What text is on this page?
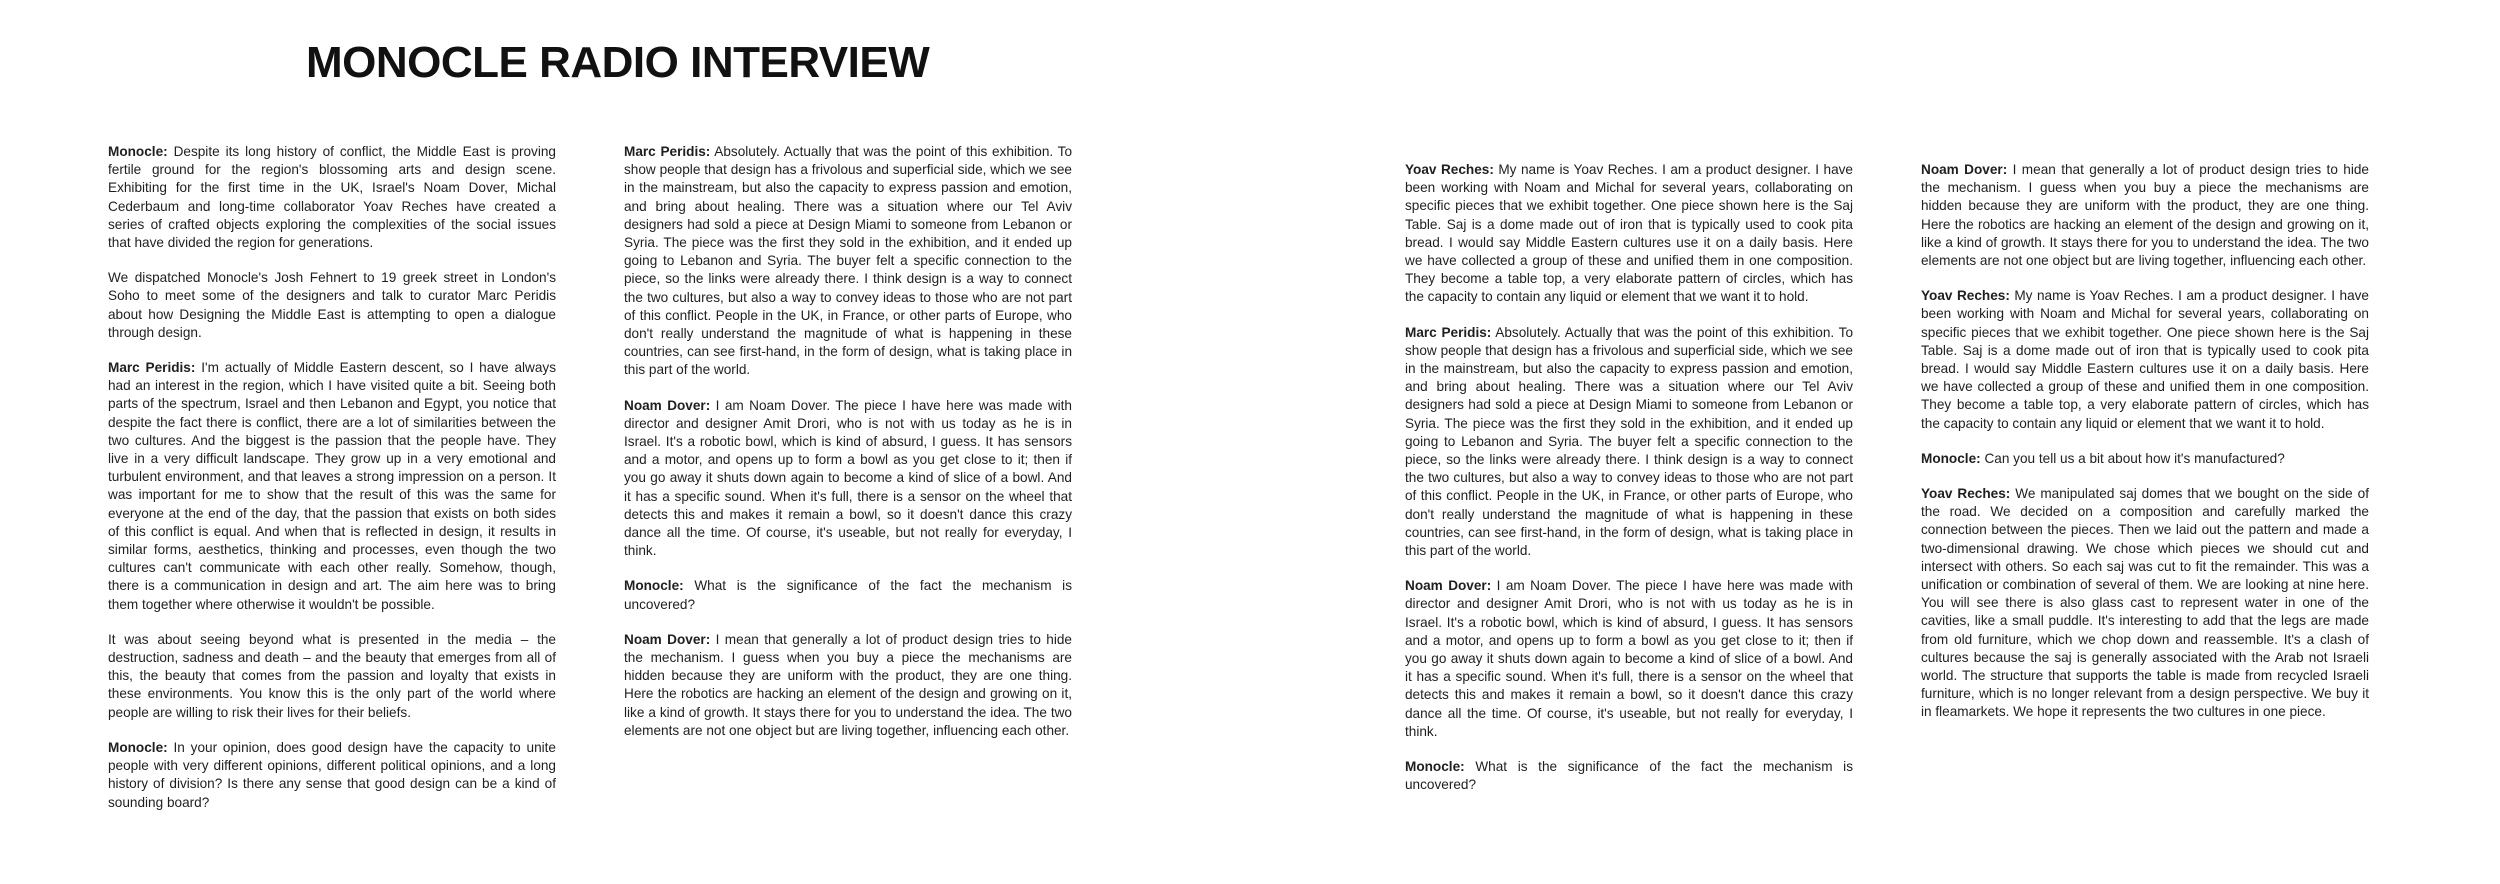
MONOCLE RADIO INTERVIEW

Monocle: Despite its long history of conflict, the Middle East is proving fertile ground for the region's blossoming arts and design scene. Exhibiting for the first time in the UK, Israel's Noam Dover, Michal Cederbaum and long-time collaborator Yoav Reches have created a series of crafted objects exploring the complexities of the social issues that have divided the region for generations.

We dispatched Monocle's Josh Fehnert to 19 greek street in London's Soho to meet some of the designers and talk to curator Marc Peridis about how Designing the Middle East is attempting to open a dialogue through design.

Marc Peridis: I'm actually of Middle Eastern descent, so I have always had an interest in the region, which I have visited quite a bit. Seeing both parts of the spectrum, Israel and then Lebanon and Egypt, you notice that despite the fact there is conflict, there are a lot of similarities between the two cultures. And the biggest is the passion that the people have. They live in a very difficult landscape. They grow up in a very emotional and turbulent environment, and that leaves a strong impression on a person. It was important for me to show that the result of this was the same for everyone at the end of the day, that the passion that exists on both sides of this conflict is equal. And when that is reflected in design, it results in similar forms, aesthetics, thinking and processes, even though the two cultures can't communicate with each other really. Somehow, though, there is a communication in design and art. The aim here was to bring them together where otherwise it wouldn't be possible.

It was about seeing beyond what is presented in the media – the destruction, sadness and death – and the beauty that emerges from all of this, the beauty that comes from the passion and loyalty that exists in these environments. You know this is the only part of the world where people are willing to risk their lives for their beliefs.

Monocle: In your opinion, does good design have the capacity to unite people with very different opinions, different political opinions, and a long history of division? Is there any sense that good design can be a kind of sounding board?

Marc Peridis: Absolutely. Actually that was the point of this exhibition. To show people that design has a frivolous and superficial side, which we see in the mainstream, but also the capacity to express passion and emotion, and bring about healing. There was a situation where our Tel Aviv designers had sold a piece at Design Miami to someone from Lebanon or Syria. The piece was the first they sold in the exhibition, and it ended up going to Lebanon and Syria. The buyer felt a specific connection to the piece, so the links were already there. I think design is a way to connect the two cultures, but also a way to convey ideas to those who are not part of this conflict. People in the UK, in France, or other parts of Europe, who don't really understand the magnitude of what is happening in these countries, can see first-hand, in the form of design, what is taking place in this part of the world.

Noam Dover: I am Noam Dover. The piece I have here was made with director and designer Amit Drori, who is not with us today as he is in Israel. It's a robotic bowl, which is kind of absurd, I guess. It has sensors and a motor, and opens up to form a bowl as you get close to it; then if you go away it shuts down again to become a kind of slice of a bowl. And it has a specific sound. When it's full, there is a sensor on the wheel that detects this and makes it remain a bowl, so it doesn't dance this crazy dance all the time. Of course, it's useable, but not really for everyday, I think.

Monocle: What is the significance of the fact the mechanism is uncovered?

Noam Dover: I mean that generally a lot of product design tries to hide the mechanism. I guess when you buy a piece the mechanisms are hidden because they are uniform with the product, they are one thing. Here the robotics are hacking an element of the design and growing on it, like a kind of growth. It stays there for you to understand the idea. The two elements are not one object but are living together, influencing each other.

Yoav Reches: My name is Yoav Reches. I am a product designer. I have been working with Noam and Michal for several years, collaborating on specific pieces that we exhibit together. One piece shown here is the Saj Table. Saj is a dome made out of iron that is typically used to cook pita bread. I would say Middle Eastern cultures use it on a daily basis. Here we have collected a group of these and unified them in one composition. They become a table top, a very elaborate pattern of circles, which has the capacity to contain any liquid or element that we want it to hold.

Marc Peridis: Absolutely. Actually that was the point of this exhibition. To show people that design has a frivolous and superficial side, which we see in the mainstream, but also the capacity to express passion and emotion, and bring about healing. There was a situation where our Tel Aviv designers had sold a piece at Design Miami to someone from Lebanon or Syria. The piece was the first they sold in the exhibition, and it ended up going to Lebanon and Syria. The buyer felt a specific connection to the piece, so the links were already there. I think design is a way to connect the two cultures, but also a way to convey ideas to those who are not part of this conflict. People in the UK, in France, or other parts of Europe, who don't really understand the magnitude of what is happening in these countries, can see first-hand, in the form of design, what is taking place in this part of the world.

Noam Dover: I am Noam Dover. The piece I have here was made with director and designer Amit Drori, who is not with us today as he is in Israel. It's a robotic bowl, which is kind of absurd, I guess. It has sensors and a motor, and opens up to form a bowl as you get close to it; then if you go away it shuts down again to become a kind of slice of a bowl. And it has a specific sound. When it's full, there is a sensor on the wheel that detects this and makes it remain a bowl, so it doesn't dance this crazy dance all the time. Of course, it's useable, but not really for everyday, I think.

Monocle: What is the significance of the fact the mechanism is uncovered?

Noam Dover: I mean that generally a lot of product design tries to hide the mechanism. I guess when you buy a piece the mechanisms are hidden because they are uniform with the product, they are one thing. Here the robotics are hacking an element of the design and growing on it, like a kind of growth. It stays there for you to understand the idea. The two elements are not one object but are living together, influencing each other.

Yoav Reches: My name is Yoav Reches. I am a product designer. I have been working with Noam and Michal for several years, collaborating on specific pieces that we exhibit together. One piece shown here is the Saj Table. Saj is a dome made out of iron that is typically used to cook pita bread. I would say Middle Eastern cultures use it on a daily basis. Here we have collected a group of these and unified them in one composition. They become a table top, a very elaborate pattern of circles, which has the capacity to contain any liquid or element that we want it to hold.

Monocle: Can you tell us a bit about how it's manufactured?

Yoav Reches: We manipulated saj domes that we bought on the side of the road. We decided on a composition and carefully marked the connection between the pieces. Then we laid out the pattern and made a two-dimensional drawing. We chose which pieces we should cut and intersect with others. So each saj was cut to fit the remainder. This was a unification or combination of several of them. We are looking at nine here. You will see there is also glass cast to represent water in one of the cavities, like a small puddle. It's interesting to add that the legs are made from old furniture, which we chop down and reassemble. It's a clash of cultures because the saj is generally associated with the Arab not Israeli world. The structure that supports the table is made from recycled Israeli furniture, which is no longer relevant from a design perspective. We buy it in fleamarkets. We hope it represents the two cultures in one piece.
